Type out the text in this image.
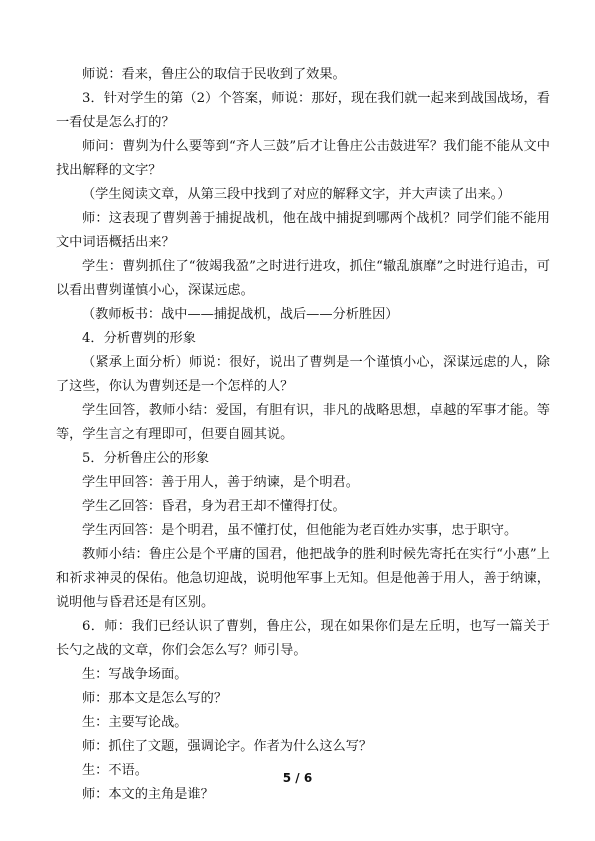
师说：看来，鲁庄公的取信于民收到了效果。

3．针对学生的第（2）个答案，师说：那好，现在我们就一起来到战国战场，看一看仗是怎么打的？

师问：曹刿为什么要等到“齐人三鼓”后才让鲁庄公击鼓进军？我们能不能从文中找出解释的文字？

（学生阅读文章，从第三段中找到了对应的解释文字，并大声读了出来。）

师：这表现了曹刿善于捕捉战机，他在战中捕捉到哪两个战机？同学们能不能用文中词语概括出来？

学生：曹刿抓住了“彼竭我盈”之时进行进攻，抓住“辙乱旗靡”之时进行追击，可以看出曹刿谨慎小心，深谋远虑。

（教师板书：战中——捕捉战机，战后——分析胜因）

4．分析曹刿的形象

（紧承上面分析）师说：很好，说出了曹刿是一个谨慎小心，深谋远虑的人，除了这些，你认为曹刿还是一个怎样的人？

学生回答，教师小结：爱国，有胆有识，非凡的战略思想，卓越的军事才能。等等，学生言之有理即可，但要自圆其说。

5．分析鲁庄公的形象

学生甲回答：善于用人，善于纳谏，是个明君。

学生乙回答：昏君，身为君王却不懂得打仗。

学生丙回答：是个明君，虽不懂打仗，但他能为老百姓办实事，忠于职守。

教师小结：鲁庄公是个平庸的国君，他把战争的胜利时候先寄托在实行“小惠”上和祈求神灵的保佑。他急切迎战，说明他军事上无知。但是他善于用人，善于纳谏，说明他与昏君还是有区别。

6．师：我们已经认识了曹刿，鲁庄公，现在如果你们是左丘明，也写一篇关于长勺之战的文章，你们会怎么写？师引导。

生：写战争场面。

师：那本文是怎么写的？

生：主要写论战。

师：抓住了文题，强调论字。作者为什么这么写？

生：不语。

师：本文的主角是谁？

5 / 6
